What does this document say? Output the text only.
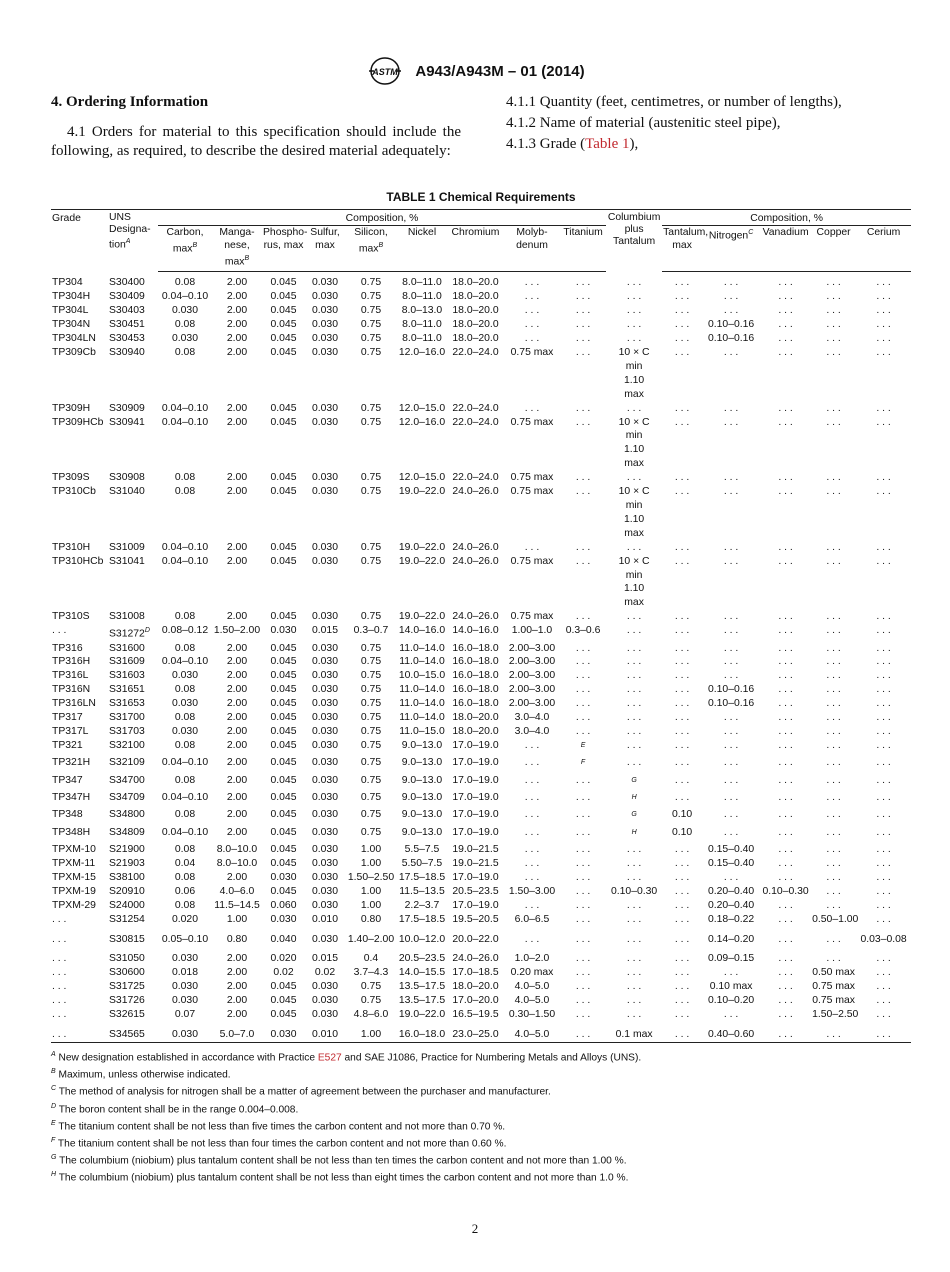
ASTM A943/A943M – 01 (2014)
4. Ordering Information

4.1 Orders for material to this specification should include the following, as required, to describe the desired material adequately:

4.1.1 Quantity (feet, centimetres, or number of lengths),
4.1.2 Name of material (austenitic steel pipe),
4.1.3 Grade (Table 1),
TABLE 1 Chemical Requirements
Grade	UNS Designa-tion$^A$	Composition, %									Columbium plus Tantalum	Composition, %				
		Carbon, max$^B$	Manga-nese, max$^B$	Phospho-rus, max	Sulfur, max	Silicon, max$^B$	Nickel	Chromium	Molyb-denum	Titanium		Tantalum, max	Nitrogen$^C$	Vanadium	Copper	Cerium
TP304	S30400	0.08	2.00	0.045	0.030	0.75	8.0–11.0	18.0–20.0	. . .	. . .	. . .	. . .	. . .	. . .	. . .	. . .
TP304H	S30409	0.04–0.10	2.00	0.045	0.030	0.75	8.0–11.0	18.0–20.0	. . .	. . .	. . .	. . .	. . .	. . .	. . .	. . .
TP304L	S30403	0.030	2.00	0.045	0.030	0.75	8.0–13.0	18.0–20.0	. . .	. . .	. . .	. . .	. . .	. . .	. . .	. . .
TP304N	S30451	0.08	2.00	0.045	0.030	0.75	8.0–11.0	18.0–20.0	. . .	. . .	. . .	. . .	0.10–0.16	. . .	. . .	. . .
TP304LN	S30453	0.030	2.00	0.045	0.030	0.75	8.0–11.0	18.0–20.0	. . .	. . .	. . .	. . .	0.10–0.16	. . .	. . .	. . .
TP309Cb	S30940	0.08	2.00	0.045	0.030	0.75	12.0–16.0	22.0–24.0	0.75 max	. . .	10 × C
min
1.10
max	. . .	. . .	. . .	. . .	. . .
TP309H	S30909	0.04–0.10	2.00	0.045	0.030	0.75	12.0–15.0	22.0–24.0	. . .	. . .	. . .	. . .	. . .	. . .	. . .	. . .
TP309HCb	S30941	0.04–0.10	2.00	0.045	0.030	0.75	12.0–16.0	22.0–24.0	0.75 max	. . .	10 × C
min
1.10
max	. . .	. . .	. . .	. . .	. . .
TP309S	S30908	0.08	2.00	0.045	0.030	0.75	12.0–15.0	22.0–24.0	0.75 max	. . .	. . .	. . .	. . .	. . .	. . .	. . .
TP310Cb	S31040	0.08	2.00	0.045	0.030	0.75	19.0–22.0	24.0–26.0	0.75 max	. . .	10 × C
min
1.10
max	. . .	. . .	. . .	. . .	. . .
TP310H	S31009	0.04–0.10	2.00	0.045	0.030	0.75	19.0–22.0	24.0–26.0	. . .	. . .	. . .	. . .	. . .	. . .	. . .	. . .
TP310HCb	S31041	0.04–0.10	2.00	0.045	0.030	0.75	19.0–22.0	24.0–26.0	0.75 max	. . .	10 × C
min
1.10
max	. . .	. . .	. . .	. . .	. . .
TP310S	S31008	0.08	2.00	0.045	0.030	0.75	19.0–22.0	24.0–26.0	0.75 max	. . .	. . .	. . .	. . .	. . .	. . .	. . .
. . .	S31272$^D$	0.08–0.12	1.50–2.00	0.030	0.015	0.3–0.7	14.0–16.0	14.0–16.0	1.00–1.0	0.3–0.6	. . .	. . .	. . .	. . .	. . .	. . .
TP316	S31600	0.08	2.00	0.045	0.030	0.75	11.0–14.0	16.0–18.0	2.00–3.00	. . .	. . .	. . .	. . .	. . .	. . .	. . .
TP316H	S31609	0.04–0.10	2.00	0.045	0.030	0.75	11.0–14.0	16.0–18.0	2.00–3.00	. . .	. . .	. . .	. . .	. . .	. . .	. . .
TP316L	S31603	0.030	2.00	0.045	0.030	0.75	10.0–15.0	16.0–18.0	2.00–3.00	. . .	. . .	. . .	. . .	. . .	. . .	. . .
TP316N	S31651	0.08	2.00	0.045	0.030	0.75	11.0–14.0	16.0–18.0	2.00–3.00	. . .	. . .	. . .	0.10–0.16	. . .	. . .	. . .
TP316LN	S31653	0.030	2.00	0.045	0.030	0.75	11.0–14.0	16.0–18.0	2.00–3.00	. . .	. . .	. . .	0.10–0.16	. . .	. . .	. . .
TP317	S31700	0.08	2.00	0.045	0.030	0.75	11.0–14.0	18.0–20.0	3.0–4.0	. . .	. . .	. . .	. . .	. . .	. . .	. . .
TP317L	S31703	0.030	2.00	0.045	0.030	0.75	11.0–15.0	18.0–20.0	3.0–4.0	. . .	. . .	. . .	. . .	. . .	. . .	. . .
TP321	S32100	0.08	2.00	0.045	0.030	0.75	9.0–13.0	17.0–19.0	. . .	$^E$	. . .	. . .	. . .	. . .	. . .	. . .
TP321H	S32109	0.04–0.10	2.00	0.045	0.030	0.75	9.0–13.0	17.0–19.0	. . .	$^F$	. . .	. . .	. . .	. . .	. . .	. . .
TP347	S34700	0.08	2.00	0.045	0.030	0.75	9.0–13.0	17.0–19.0	. . .	. . .	$^G$	. . .	. . .	. . .	. . .	. . .
TP347H	S34709	0.04–0.10	2.00	0.045	0.030	0.75	9.0–13.0	17.0–19.0	. . .	. . .	$^H$	. . .	. . .	. . .	. . .	. . .
TP348	S34800	0.08	2.00	0.045	0.030	0.75	9.0–13.0	17.0–19.0	. . .	. . .	$^G$	0.10	. . .	. . .	. . .	. . .
TP348H	S34809	0.04–0.10	2.00	0.045	0.030	0.75	9.0–13.0	17.0–19.0	. . .	. . .	$^H$	0.10	. . .	. . .	. . .	. . .
TPXM-10	S21900	0.08	8.0–10.0	0.045	0.030	1.00	5.5–7.5	19.0–21.5	. . .	. . .	. . .	. . .	0.15–0.40	. . .	. . .	. . .
TPXM-11	S21903	0.04	8.0–10.0	0.045	0.030	1.00	5.50–7.5	19.0–21.5	. . .	. . .	. . .	. . .	0.15–0.40	. . .	. . .	. . .
TPXM-15	S38100	0.08	2.00	0.030	0.030	1.50–2.50	17.5–18.5	17.0–19.0	. . .	. . .	. . .	. . .	. . .	. . .	. . .	. . .
TPXM-19	S20910	0.06	4.0–6.0	0.045	0.030	1.00	11.5–13.5	20.5–23.5	1.50–3.00	. . .	0.10–0.30	. . .	0.20–0.40	0.10–0.30	. . .	. . .
TPXM-29	S24000	0.08	11.5–14.5	0.060	0.030	1.00	2.2–3.7	17.0–19.0	. . .	. . .	. . .	. . .	0.20–0.40	. . .	. . .	. . .
. . .	S31254	0.020	1.00	0.030	0.010	0.80	17.5–18.5	19.5–20.5	6.0–6.5	. . .	. . .	. . .	0.18–0.22	. . .	0.50–1.00	. . .

. . .	S30815	0.05–0.10	0.80	0.040	0.030	1.40–2.00	10.0–12.0	20.0–22.0	. . .	. . .	. . .	. . .	0.14–0.20	. . .	. . .	0.03–0.08

. . .	S31050	0.030	2.00	0.020	0.015	0.4	20.5–23.5	24.0–26.0	1.0–2.0	. . .	. . .	. . .	0.09–0.15	. . .	. . .	. . .
. . .	S30600	0.018	2.00	0.02	0.02	3.7–4.3	14.0–15.5	17.0–18.5	0.20 max	. . .	. . .	. . .	. . .	. . .	0.50 max	. . .
. . .	S31725	0.030	2.00	0.045	0.030	0.75	13.5–17.5	18.0–20.0	4.0–5.0	. . .	. . .	. . .	0.10 max	. . .	0.75 max	. . .
. . .	S31726	0.030	2.00	0.045	0.030	0.75	13.5–17.5	17.0–20.0	4.0–5.0	. . .	. . .	. . .	0.10–0.20	. . .	0.75 max	. . .
. . .	S32615	0.07	2.00	0.045	0.030	4.8–6.0	19.0–22.0	16.5–19.5	0.30–1.50	. . .	. . .	. . .	. . .	. . .	1.50–2.50	. . .

. . .	S34565	0.030	5.0–7.0	0.030	0.010	1.00	16.0–18.0	23.0–25.0	4.0–5.0	. . .	0.1 max	. . .	0.40–0.60	. . .	. . .	. . .
$^A$ New designation established in accordance with Practice E527 and SAE J1086, Practice for Numbering Metals and Alloys (UNS).
$^B$ Maximum, unless otherwise indicated.
$^C$ The method of analysis for nitrogen shall be a matter of agreement between the purchaser and manufacturer.
$^D$ The boron content shall be in the range 0.004–0.008.
$^E$ The titanium content shall be not less than five times the carbon content and not more than 0.70 %.
$^F$ The titanium content shall be not less than four times the carbon content and not more than 0.60 %.
$^G$ The columbium (niobium) plus tantalum content shall be not less than ten times the carbon content and not more than 1.00 %.
$^H$ The columbium (niobium) plus tantalum content shall be not less than eight times the carbon content and not more than 1.0 %.
2
